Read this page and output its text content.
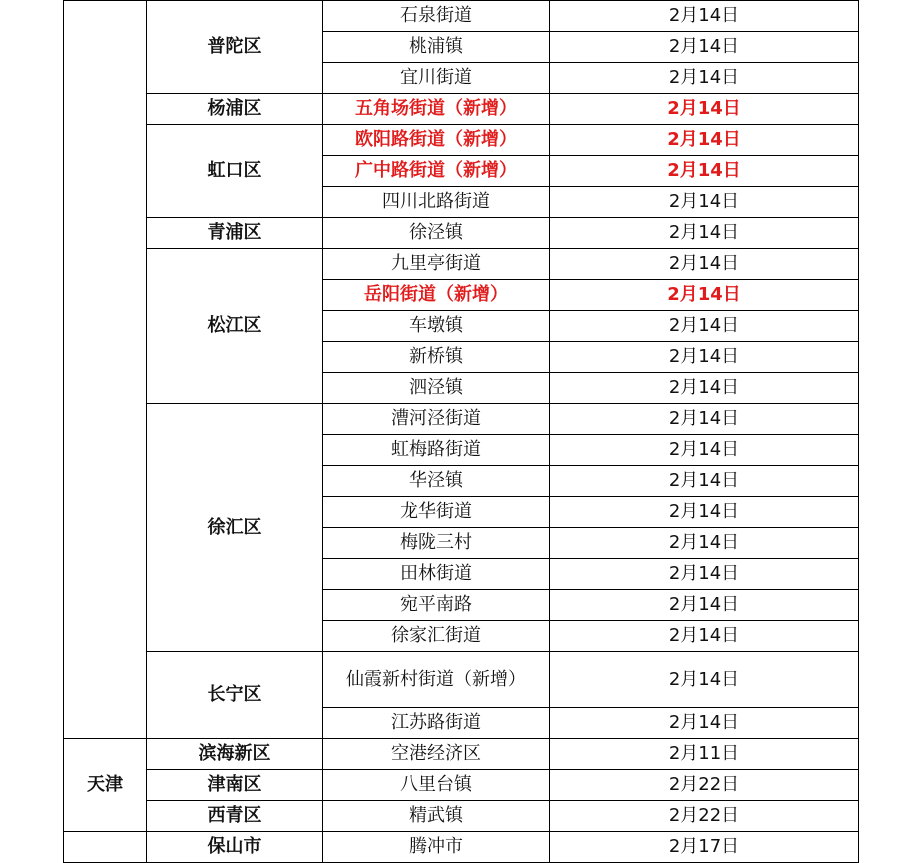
	普陀区	石泉街道	2月14日
		桃浦镇	2月14日
		宜川街道	2月14日
	杨浦区	五角场街道（新增）	2月14日
	虹口区	欧阳路街道（新增）	2月14日
		广中路街道（新增）	2月14日
		四川北路街道	2月14日
	青浦区	徐泾镇	2月14日
	松江区	九里亭街道	2月14日
		岳阳街道（新增）	2月14日
		车墩镇	2月14日
		新桥镇	2月14日
		泗泾镇	2月14日
	徐汇区	漕河泾街道	2月14日
		虹梅路街道	2月14日
		华泾镇	2月14日
		龙华街道	2月14日
		梅陇三村	2月14日
		田林街道	2月14日
		宛平南路	2月14日
		徐家汇街道	2月14日
	长宁区	仙霞新村街道（新增）	2月14日
		江苏路街道	2月14日
天津	滨海新区	空港经济区	2月11日
	津南区	八里台镇	2月22日
	西青区	精武镇	2月22日
	保山市	腾冲市	2月17日
